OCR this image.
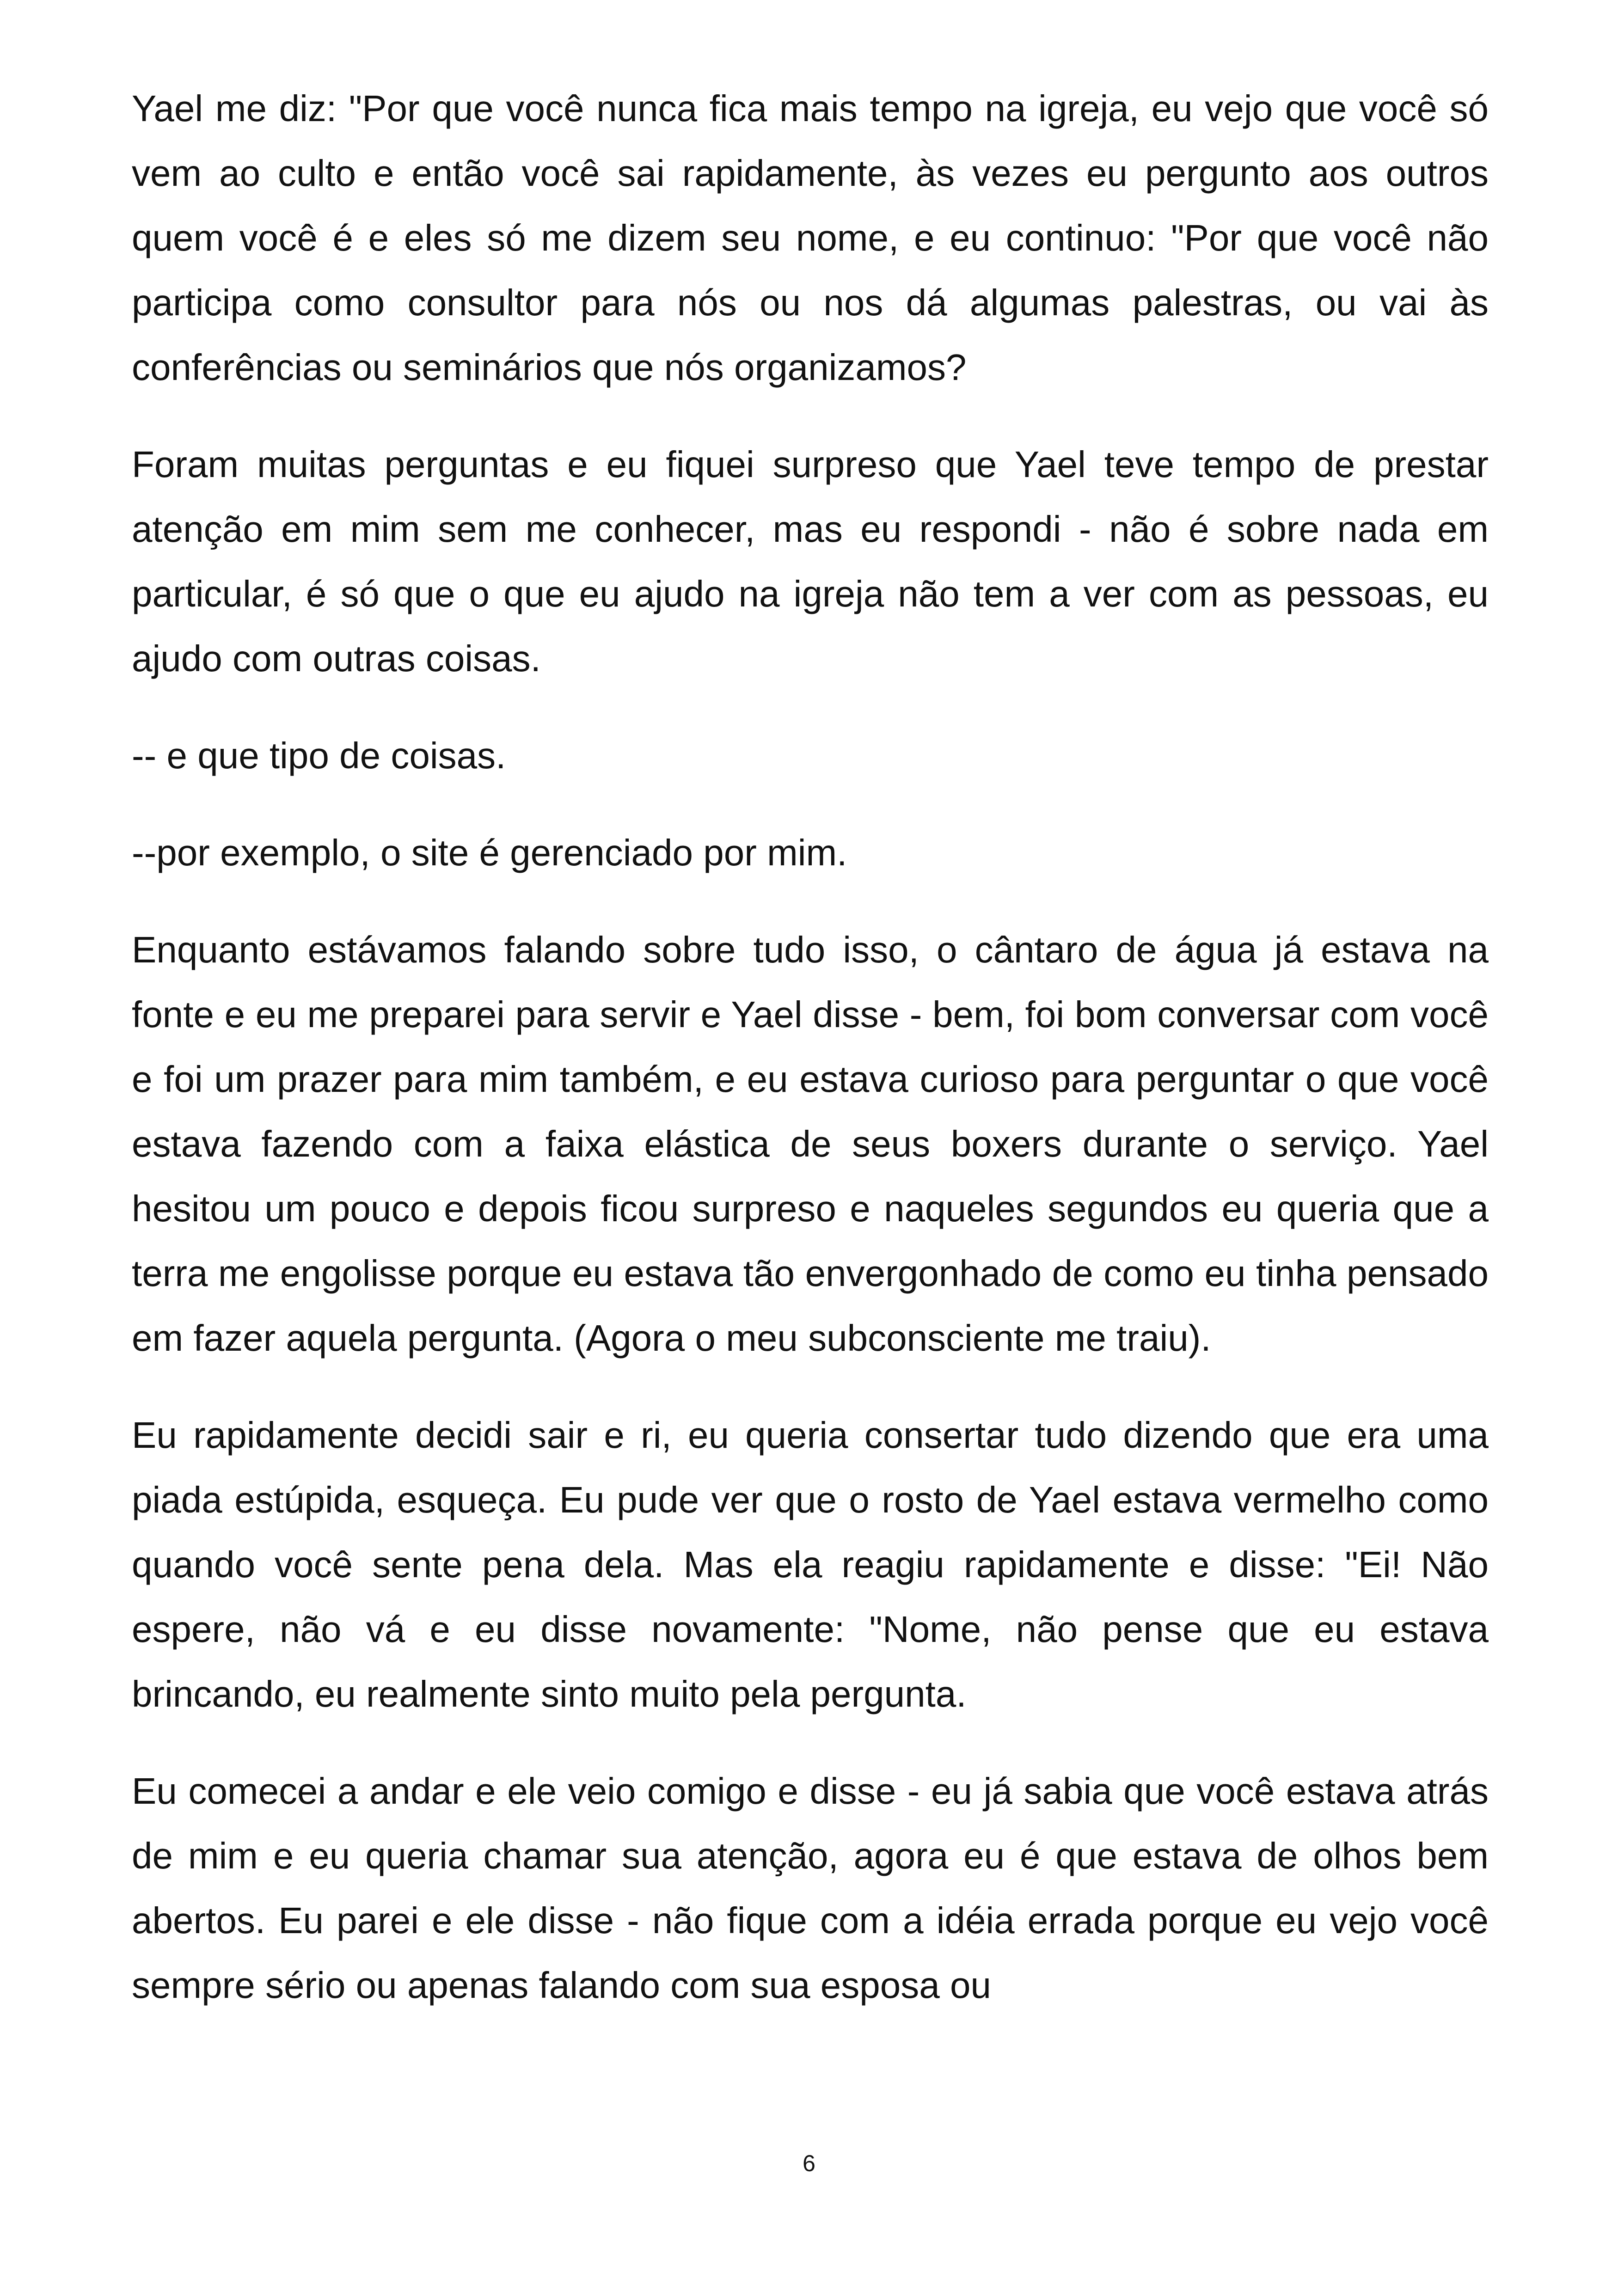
Yael me diz: "Por que você nunca fica mais tempo na igreja, eu vejo que você só vem ao culto e então você sai rapidamente, às vezes eu pergunto aos outros quem você é e eles só me dizem seu nome, e eu continuo: "Por que você não participa como consultor para nós ou nos dá algumas palestras, ou vai às conferências ou seminários que nós organizamos?

Foram muitas perguntas e eu fiquei surpreso que Yael teve tempo de prestar atenção em mim sem me conhecer, mas eu respondi - não é sobre nada em particular, é só que o que eu ajudo na igreja não tem a ver com as pessoas, eu ajudo com outras coisas.

-- e que tipo de coisas.

--por exemplo, o site é gerenciado por mim.

Enquanto estávamos falando sobre tudo isso, o cântaro de água já estava na fonte e eu me preparei para servir e Yael disse - bem, foi bom conversar com você e foi um prazer para mim também, e eu estava curioso para perguntar o que você estava fazendo com a faixa elástica de seus boxers durante o serviço. Yael hesitou um pouco e depois ficou surpreso e naqueles segundos eu queria que a terra me engolisse porque eu estava tão envergonhado de como eu tinha pensado em fazer aquela pergunta. (Agora o meu subconsciente me traiu).

Eu rapidamente decidi sair e ri, eu queria consertar tudo dizendo que era uma piada estúpida, esqueça. Eu pude ver que o rosto de Yael estava vermelho como quando você sente pena dela. Mas ela reagiu rapidamente e disse: "Ei! Não espere, não vá e eu disse novamente: "Nome, não pense que eu estava brincando, eu realmente sinto muito pela pergunta.

Eu comecei a andar e ele veio comigo e disse - eu já sabia que você estava atrás de mim e eu queria chamar sua atenção, agora eu é que estava de olhos bem abertos. Eu parei e ele disse - não fique com a idéia errada porque eu vejo você sempre sério ou apenas falando com sua esposa ou

6
